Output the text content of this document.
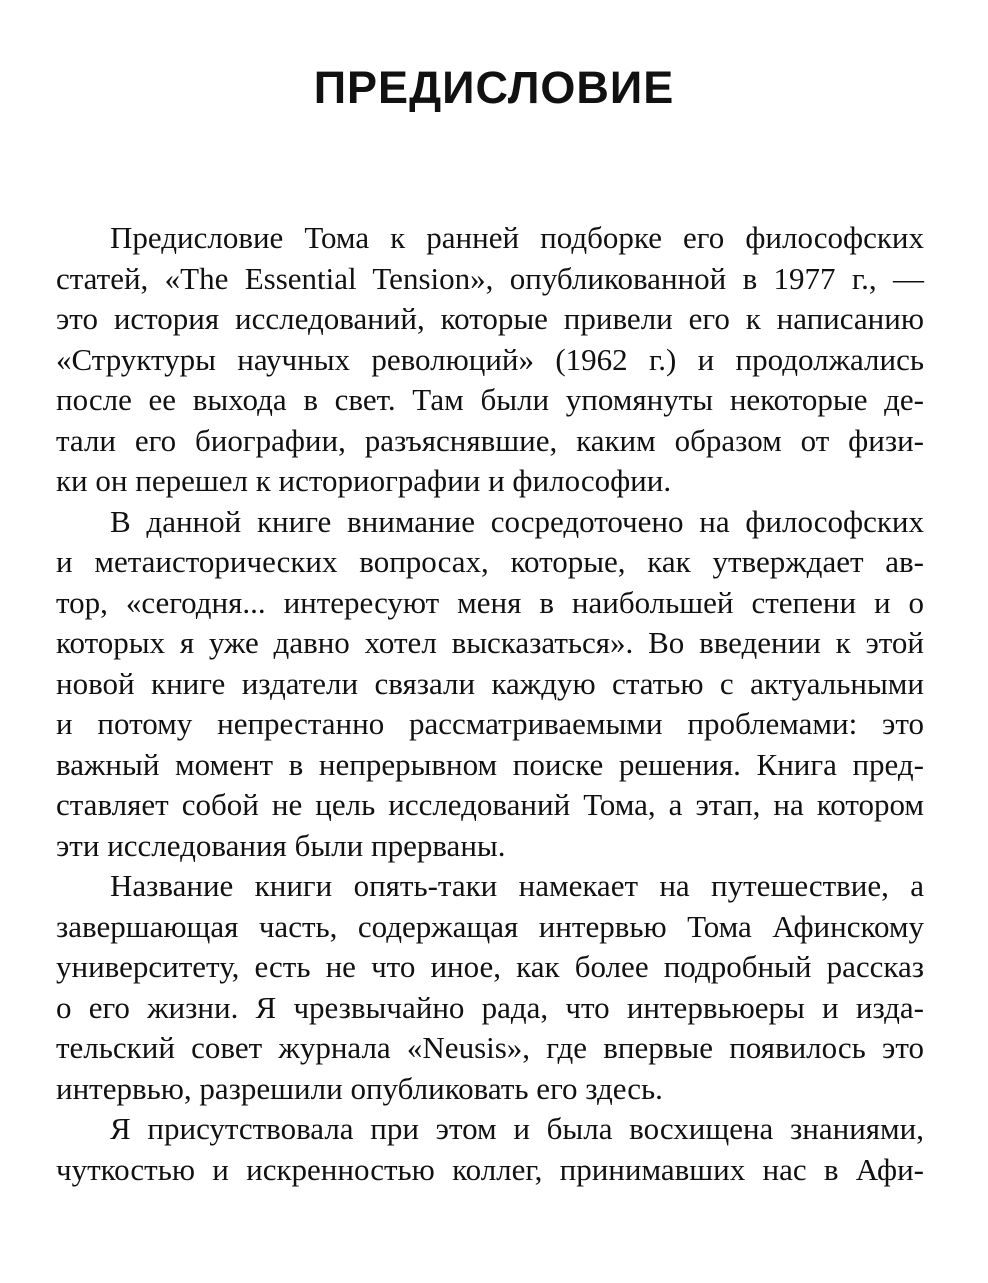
ПРЕДИСЛОВИЕ
Предисловие Тома к ранней подборке его философских
статей, «The Essential Tension», опубликованной в 1977 г., —
это история исследований, которые привели его к написанию
«Структуры научных революций» (1962 г.) и продолжались
после ее выхода в свет. Там были упомянуты некоторые де-
тали его биографии, разъяснявшие, каким образом от физи-
ки он перешел к историографии и философии.
В данной книге внимание сосредоточено на философских
и метаисторических вопросах, которые, как утверждает ав-
тор, «сегодня... интересуют меня в наибольшей степени и о
которых я уже давно хотел высказаться». Во введении к этой
новой книге издатели связали каждую статью с актуальными
и потому непрестанно рассматриваемыми проблемами: это
важный момент в непрерывном поиске решения. Книга пред-
ставляет собой не цель исследований Тома, а этап, на котором
эти исследования были прерваны.
Название книги опять-таки намекает на путешествие, а
завершающая часть, содержащая интервью Тома Афинскому
университету, есть не что иное, как более подробный рассказ
о его жизни. Я чрезвычайно рада, что интервьюеры и изда-
тельский совет журнала «Neusis», где впервые появилось это
интервью, разрешили опубликовать его здесь.
Я присутствовала при этом и была восхищена знаниями,
чуткостью и искренностью коллег, принимавших нас в Афи-
